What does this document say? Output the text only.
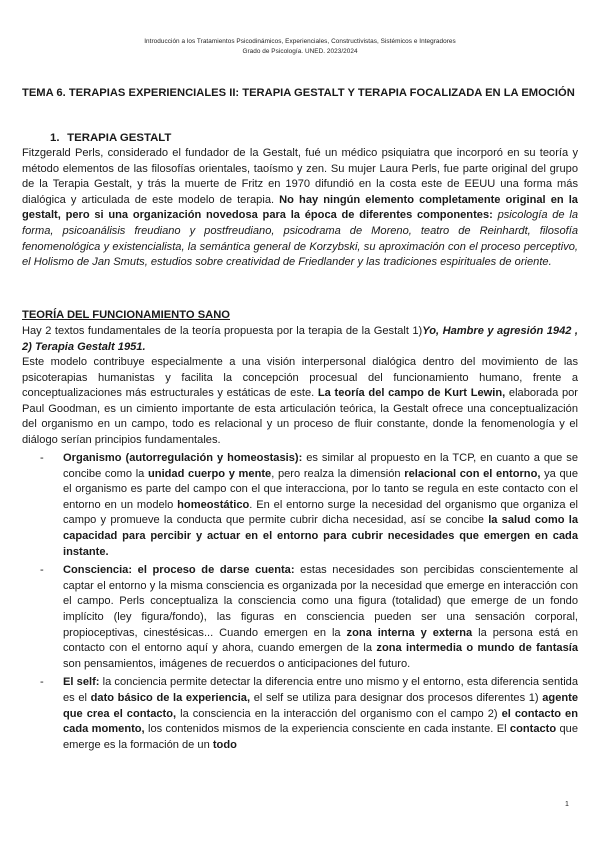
Introducción a los Tratamientos Psicodinámicos, Experienciales, Constructivistas, Sistémicos e Integradores
Grado de Psicología. UNED. 2023/2024
TEMA 6. TERAPIAS EXPERIENCIALES II: TERAPIA GESTALT Y TERAPIA FOCALIZADA EN LA EMOCIÓN
1. TERAPIA GESTALT
Fitzgerald Perls, considerado el fundador de la Gestalt, fué un médico psiquiatra que incorporó en su teoría y método elementos de las filosofías orientales, taoísmo y zen. Su mujer Laura Perls, fue parte original del grupo de la Terapia Gestalt, y trás la muerte de Fritz en 1970 difundió en la costa este de EEUU una forma más dialógica y articulada de este modelo de terapia. No hay ningún elemento completamente original en la gestalt, pero si una organización novedosa para la época de diferentes componentes: psicología de la forma, psicoanálisis freudiano y postfreudiano, psicodrama de Moreno, teatro de Reinhardt, filosofía fenomenológica y existencialista, la semántica general de Korzybski, su aproximación con el proceso perceptivo, el Holismo de Jan Smuts, estudios sobre creatividad de Friedlander y las tradiciones espirituales de oriente.
TEORÍA DEL FUNCIONAMIENTO SANO
Hay 2 textos fundamentales de la teoría propuesta por la terapia de la Gestalt 1)Yo, Hambre y agresión 1942 , 2) Terapia Gestalt 1951.
Este modelo contribuye especialmente a una visión interpersonal dialógica dentro del movimiento de las psicoterapias humanistas y facilita la concepción procesual del funcionamiento humano, frente a conceptualizaciones más estructurales y estáticas de este. La teoría del campo de Kurt Lewin, elaborada por Paul Goodman, es un cimiento importante de esta articulación teórica, la Gestalt ofrece una conceptualización del organismo en un campo, todo es relacional y un proceso de fluir constante, donde la fenomenología y el diálogo serían principios fundamentales.
- Organismo (autorregulación y homeostasis): es similar al propuesto en la TCP, en cuanto a que se concibe como la unidad cuerpo y mente, pero realza la dimensión relacional con el entorno, ya que el organismo es parte del campo con el que interacciona, por lo tanto se regula en este contacto con el entorno en un modelo homeostático. En el entorno surge la necesidad del organismo que organiza el campo y promueve la conducta que permite cubrir dicha necesidad, así se concibe la salud como la capacidad para percibir y actuar en el entorno para cubrir necesidades que emergen en cada instante.
- Consciencia: el proceso de darse cuenta: estas necesidades son percibidas conscientemente al captar el entorno y la misma consciencia es organizada por la necesidad que emerge en interacción con el campo. Perls conceptualiza la consciencia como una figura (totalidad) que emerge de un fondo implícito (ley figura/fondo), las figuras en consciencia pueden ser una sensación corporal, propioceptivas, cinestésicas... Cuando emergen en la zona interna y externa la persona está en contacto con el entorno aquí y ahora, cuando emergen de la zona intermedia o mundo de fantasía son pensamientos, imágenes de recuerdos o anticipaciones del futuro.
- El self: la conciencia permite detectar la diferencia entre uno mismo y el entorno, esta diferencia sentida es el dato básico de la experiencia, el self se utiliza para designar dos procesos diferentes 1) agente que crea el contacto, la consciencia en la interacción del organismo con el campo 2) el contacto en cada momento, los contenidos mismos de la experiencia consciente en cada instante. El contacto que emerge es la formación de un todo
1
